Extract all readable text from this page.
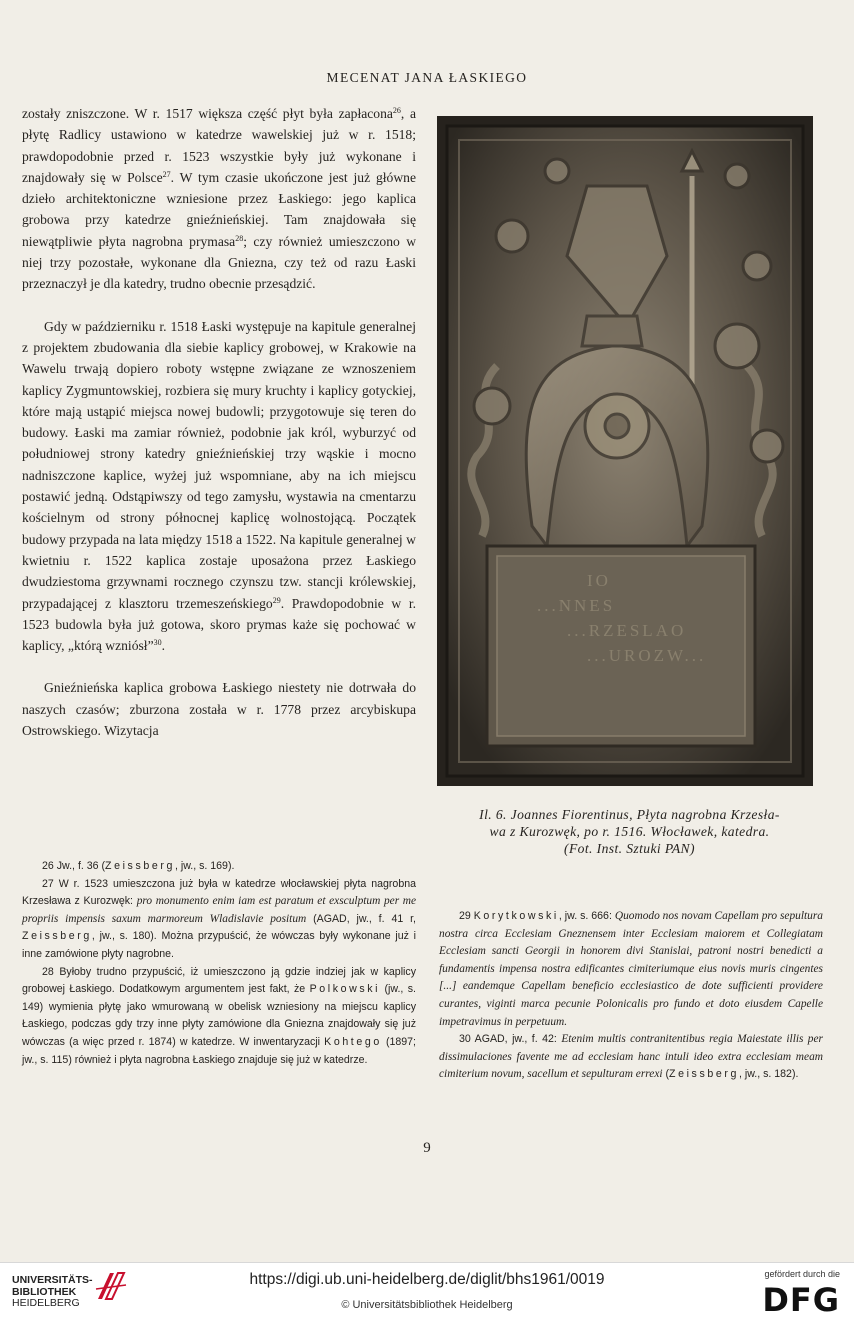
MECENAT JANA ŁASKIEGO

zostały zniszczone. W r. 1517 większa część płyt była zapłacona$^{26}$, a płytę Radlicy ustawiono w katedrze wawelskiej już w r. 1518; prawdopodobnie przed r. 1523 wszystkie były już wykonane i znajdowały się w Polsce$^{27}$. W tym czasie ukończone jest już główne dzieło architektoniczne wzniesione przez Łaskiego: jego kaplica grobowa przy katedrze gnieźnieńskiej. Tam znajdowała się niewątpliwie płyta nagrobna prymasa$^{28}$; czy również umieszczono w niej trzy pozostałe, wykonane dla Gniezna, czy też od razu Łaski przeznaczył je dla katedry, trudno obecnie przesądzić.

Gdy w październiku r. 1518 Łaski występuje na kapitule generalnej z projektem zbudowania dla siebie kaplicy grobowej, w Krakowie na Wawelu trwają dopiero roboty wstępne związane ze wznoszeniem kaplicy Zygmuntowskiej, rozbiera się mury kruchty i kaplicy gotyckiej, które mają ustąpić miejsca nowej budowli; przygotowuje się teren do budowy. Łaski ma zamiar również, podobnie jak król, wyburzyć od południowej strony katedry gnieźnieńskiej trzy wąskie i mocno nadniszczone kaplice, wyżej już wspomniane, aby na ich miejscu postawić jedną. Odstąpiwszy od tego zamysłu, wystawia na cmentarzu kościelnym od strony północnej kaplicę wolnostojącą. Początek budowy przypada na lata między 1518 a 1522. Na kapitule generalnej w kwietniu r. 1522 kaplica zostaje uposażona przez Łaskiego dwudziestoma grzywnami rocznego czynszu tzw. stancji królewskiej, przypadającej z klasztoru trzemeszeńskiego$^{29}$. Prawdopodobnie w r. 1523 budowla była już gotowa, skoro prymas każe się pochować w kaplicy, „którą wzniósł”$^{30}$.

Gnieźnieńska kaplica grobowa Łaskiego niestety nie dotrwała do naszych czasów; zburzona została w r. 1778 przez arcybiskupa Ostrowskiego. Wizytacja

IO
...NNES
...RZESLAO
...UROZW...
Il. 6. Joannes Fiorentinus, Płyta nagrobna Krzesła-
wa z Kurozwęk, po r. 1516. Włocławek, katedra.
(Fot. Inst. Sztuki PAN)

26 Jw., f. 36 (Zeissberg, jw., s. 169).

27 W r. 1523 umieszczona już była w katedrze włocławskiej płyta nagrobna Krzesława z Kurozwęk: pro monumento enim iam est paratum et exsculptum per me propriis impensis saxum marmoreum Wladislavie positum (AGAD, jw., f. 41 r, Zeissberg, jw., s. 180). Można przypuścić, że wówczas były wykonane już i inne zamówione płyty nagrobne.

28 Byłoby trudno przypuścić, iż umieszczono ją gdzie indziej jak w kaplicy grobowej Łaskiego. Dodatkowym argumentem jest fakt, że Polkowski (jw., s. 149) wymienia płytę jako wmurowaną w obelisk wzniesiony na miejscu kaplicy Łaskiego, podczas gdy trzy inne płyty zamówione dla Gniezna znajdowały się już wówczas (a więc przed r. 1874) w katedrze. W inwentaryzacji Kohtego (1897; jw., s. 115) również i płyta nagrobna Łaskiego znajduje się już w katedrze.

29 Korytkowski, jw. s. 666: Quomodo nos novam Capellam pro sepultura nostra circa Ecclesiam Gneznensem inter Ecclesiam maiorem et Collegiatam Ecclesiam sancti Georgii in honorem divi Stanislai, patroni nostri benedicti a fundamentis impensa nostra edificantes cimiteriumque eius novis muris cingentes [...] eandemque Capellam beneficio ecclesiastico de dote sufficienti providere curantes, viginti marca pecunie Polonicalis pro fundo et doto eiusdem Capelle impetravimus in perpetuum.

30 AGAD, jw., f. 42: Etenim multis contranitentibus regia Maiestate illis per dissimulaciones favente me ad ecclesiam hanc intuli ideo extra ecclesiam meam cimiterium novum, sacellum et sepulturam errexi (Zeissberg, jw., s. 182).

9
UNIVERSITÄTS-
BIBLIOTHEK
HEIDELBERG
https://digi.ub.uni-heidelberg.de/diglit/bhs1961/0019
© Universitätsbibliothek Heidelberg
gefördert durch die
DFG
